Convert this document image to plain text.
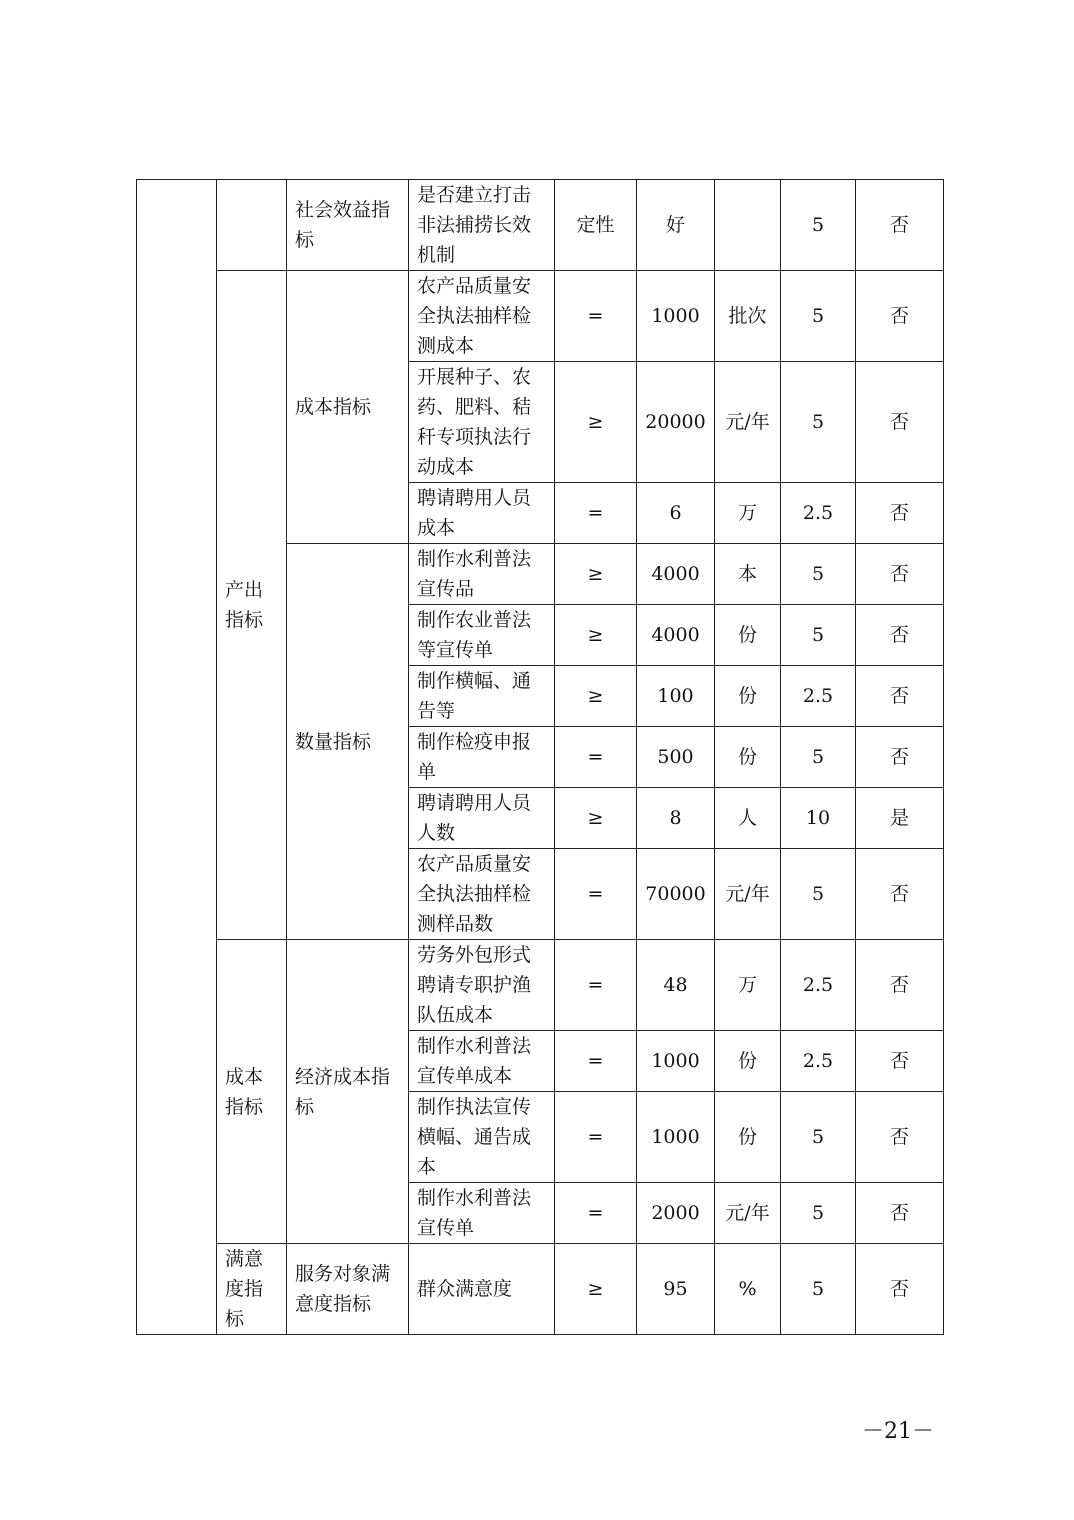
		社会效益指标	是否建立打击非法捕捞长效机制	定性	好		5	否
	产出指标	成本指标	农产品质量安全执法抽样检测成本	=	1000	批次	5	否
			开展种子、农药、肥料、秸秆专项执法行动成本	≥	20000	元/年	5	否
			聘请聘用人员成本	=	6	万	2.5	否
		数量指标	制作水利普法宣传品	≥	4000	本	5	否
			制作农业普法等宣传单	≥	4000	份	5	否
			制作横幅、通告等	≥	100	份	2.5	否
			制作检疫申报单	=	500	份	5	否
			聘请聘用人员人数	≥	8	人	10	是
			农产品质量安全执法抽样检测样品数	=	70000	元/年	5	否
	成本指标	经济成本指标	劳务外包形式聘请专职护渔队伍成本	=	48	万	2.5	否
			制作水利普法宣传单成本	=	1000	份	2.5	否
			制作执法宣传横幅、通告成本	=	1000	份	5	否
			制作水利普法宣传单	=	2000	元/年	5	否
	满意度指标	服务对象满意度指标	群众满意度	≥	95	%	5	否
－21－
